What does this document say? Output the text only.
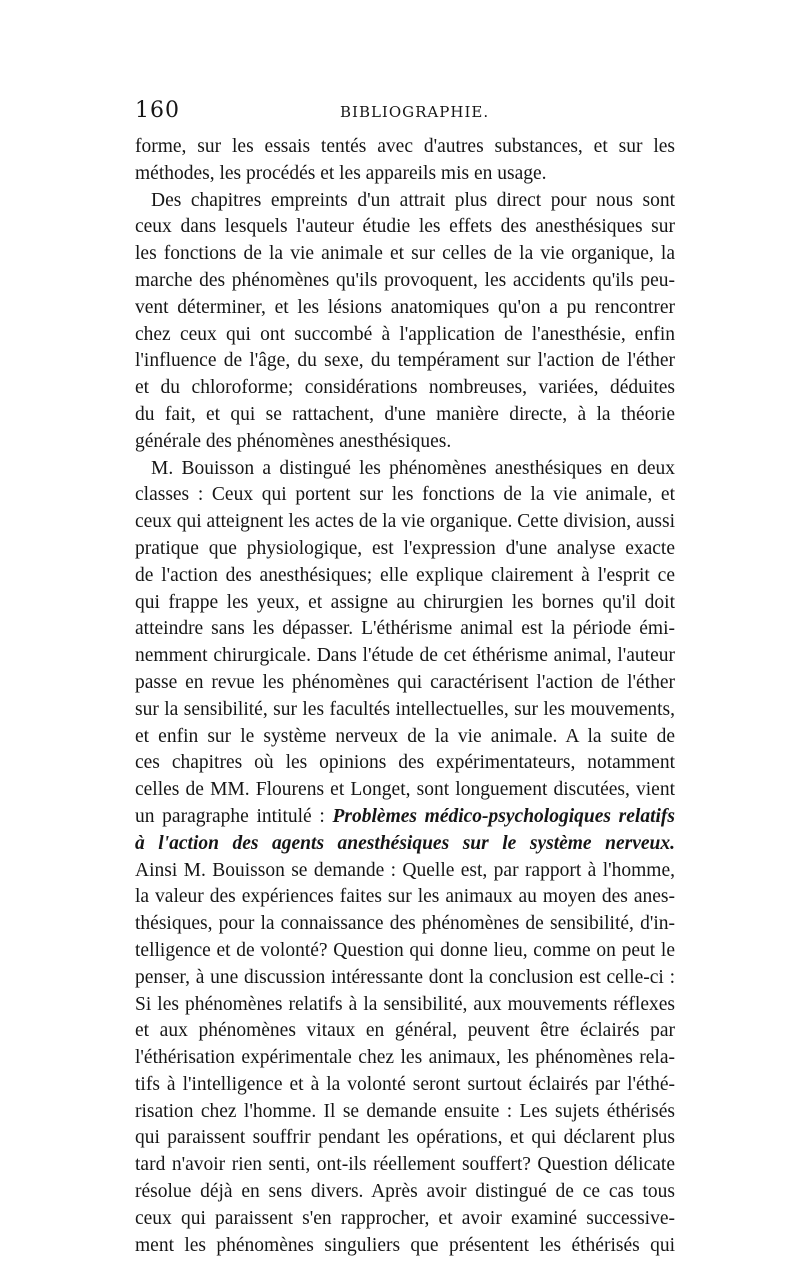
160	BIBLIOGRAPHIE.
forme, sur les essais tentés avec d'autres substances, et sur les
méthodes, les procédés et les appareils mis en usage.
Des chapitres empreints d'un attrait plus direct pour nous sont
ceux dans lesquels l'auteur étudie les effets des anesthésiques sur
les fonctions de la vie animale et sur celles de la vie organique, la
marche des phénomènes qu'ils provoquent, les accidents qu'ils peu-
vent déterminer, et les lésions anatomiques qu'on a pu rencontrer
chez ceux qui ont succombé à l'application de l'anesthésie, enfin
l'influence de l'âge, du sexe, du tempérament sur l'action de l'éther
et du chloroforme; considérations nombreuses, variées, déduites
du fait, et qui se rattachent, d'une manière directe, à la théorie
générale des phénomènes anesthésiques.
M. Bouisson a distingué les phénomènes anesthésiques en deux
classes : Ceux qui portent sur les fonctions de la vie animale, et
ceux qui atteignent les actes de la vie organique. Cette division, aussi
pratique que physiologique, est l'expression d'une analyse exacte
de l'action des anesthésiques; elle explique clairement à l'esprit ce
qui frappe les yeux, et assigne au chirurgien les bornes qu'il doit
atteindre sans les dépasser. L'éthérisme animal est la période émi-
nemment chirurgicale. Dans l'étude de cet éthérisme animal, l'auteur
passe en revue les phénomènes qui caractérisent l'action de l'éther
sur la sensibilité, sur les facultés intellectuelles, sur les mouvements,
et enfin sur le système nerveux de la vie animale. A la suite de
ces chapitres où les opinions des expérimentateurs, notamment
celles de MM. Flourens et Longet, sont longuement discutées, vient
un paragraphe intitulé : Problèmes médico-psychologiques relatifs
à l'action des agents anesthésiques sur le système nerveux.
Ainsi M. Bouisson se demande : Quelle est, par rapport à l'homme,
la valeur des expériences faites sur les animaux au moyen des anes-
thésiques, pour la connaissance des phénomènes de sensibilité, d'in-
telligence et de volonté? Question qui donne lieu, comme on peut le
penser, à une discussion intéressante dont la conclusion est celle-ci :
Si les phénomènes relatifs à la sensibilité, aux mouvements réflexes
et aux phénomènes vitaux en général, peuvent être éclairés par
l'éthérisation expérimentale chez les animaux, les phénomènes rela-
tifs à l'intelligence et à la volonté seront surtout éclairés par l'éthé-
risation chez l'homme. Il se demande ensuite : Les sujets éthérisés
qui paraissent souffrir pendant les opérations, et qui déclarent plus
tard n'avoir rien senti, ont-ils réellement souffert? Question délicate
résolue déjà en sens divers. Après avoir distingué de ce cas tous
ceux qui paraissent s'en rapprocher, et avoir examiné successive-
ment les phénomènes singuliers que présentent les éthérisés qui
